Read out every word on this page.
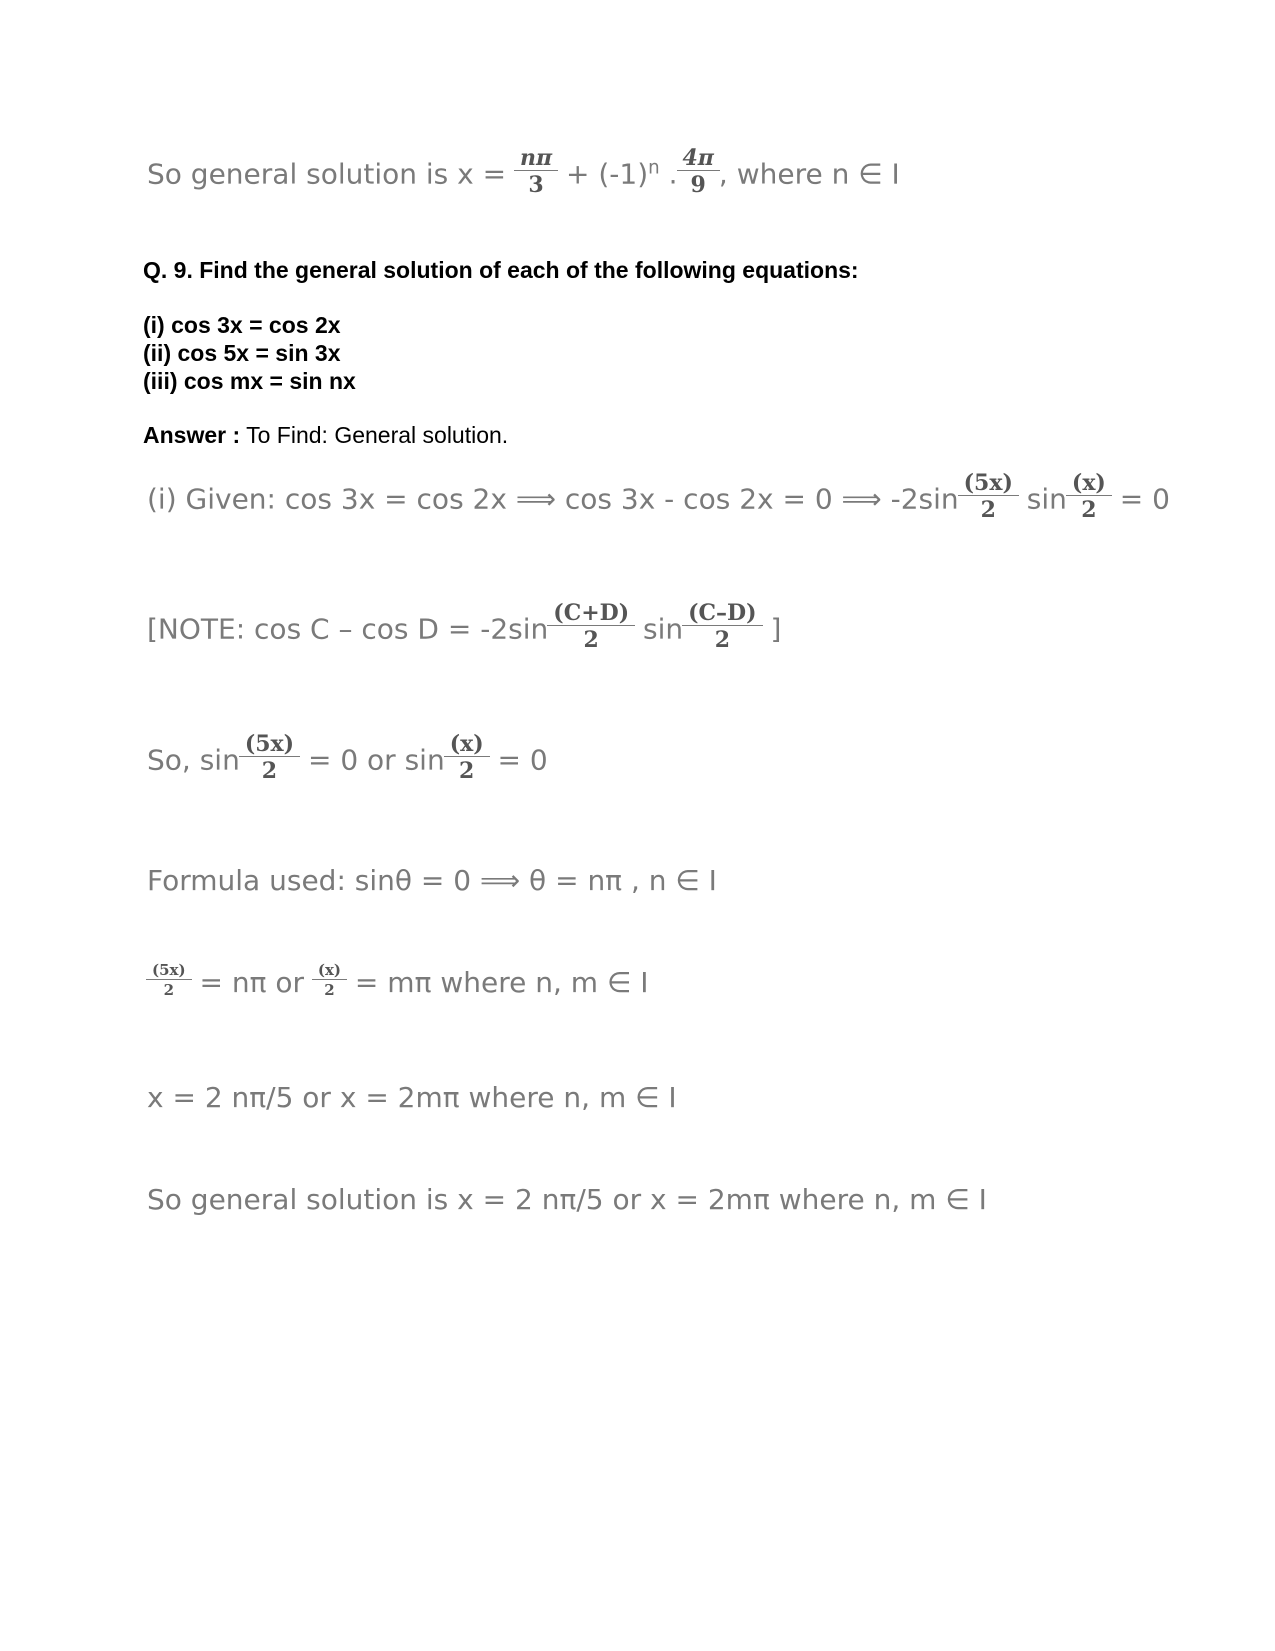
So general solution is $x = \frac{n\pi}{3} + (-1)^n$ . $\frac{4\pi}{9}$ , where n ∈ I
Q. 9. Find the general solution of each of the following equations:
(i) cos 3x = cos 2x
(ii) cos 5x = sin 3x
(iii) cos mx = sin nx
Answer : To Find: General solution.
(i) Given: cos 3x = cos 2x ⟹ cos 3x - cos 2x = 0 ⟹ $-2\sin \frac{(5x)}{2}$ $\sin \frac{(x)}{2} = 0$
[NOTE: $\cos C - \cos D = -2\sin \frac{(C+D)}{2}$ $\sin \frac{(C-D)}{2}$ ]
So, $\sin \frac{(5x)}{2} = 0$ or $\sin \frac{(x)}{2} = 0$
Formula used: sinθ = 0 ⟹ θ = nπ , n ∈ I
$\frac{(5x)}{2} = n\pi$ or $\frac{(x)}{2} = m\pi$ where n, m ∈ I
x = 2 nπ/5 or x = 2mπ where n, m ∈ I
So general solution is x = 2 nπ/5 or x = 2mπ where n, m ∈ I
